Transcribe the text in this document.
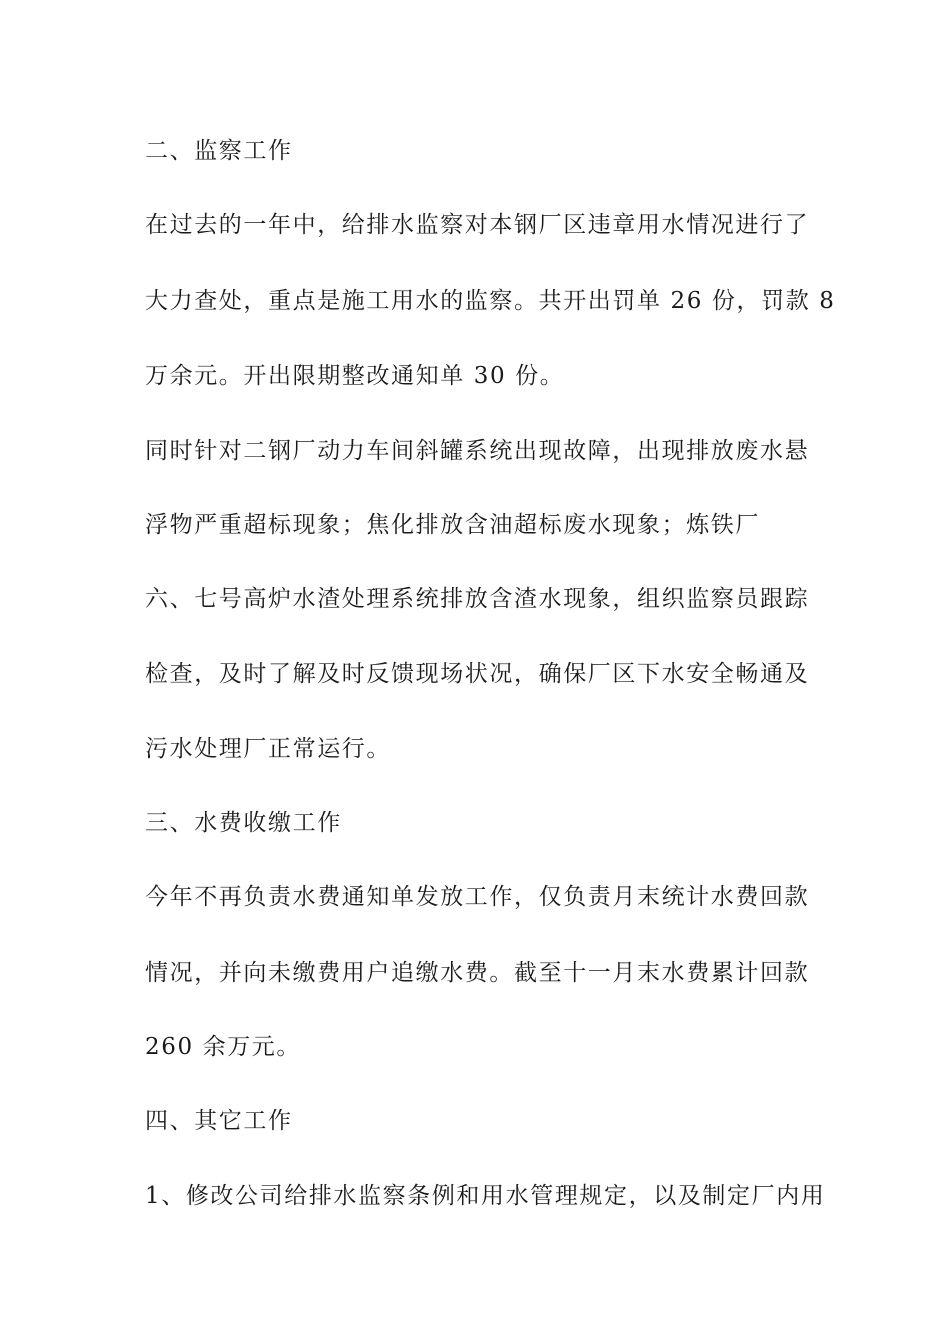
二、监察工作
在过去的一年中，给排水监察对本钢厂区违章用水情况进行了
大力查处，重点是施工用水的监察。共开出罚单 26 份，罚款 8
万余元。开出限期整改通知单 30 份。
同时针对二钢厂动力车间斜罐系统出现故障，出现排放废水悬
浮物严重超标现象；焦化排放含油超标废水现象；炼铁厂
六、七号高炉水渣处理系统排放含渣水现象，组织监察员跟踪
检查，及时了解及时反馈现场状况，确保厂区下水安全畅通及
污水处理厂正常运行。
三、水费收缴工作
今年不再负责水费通知单发放工作，仅负责月末统计水费回款
情况，并向未缴费用户追缴水费。截至十一月末水费累计回款
260 余万元。
四、其它工作
1、修改公司给排水监察条例和用水管理规定，以及制定厂内用
